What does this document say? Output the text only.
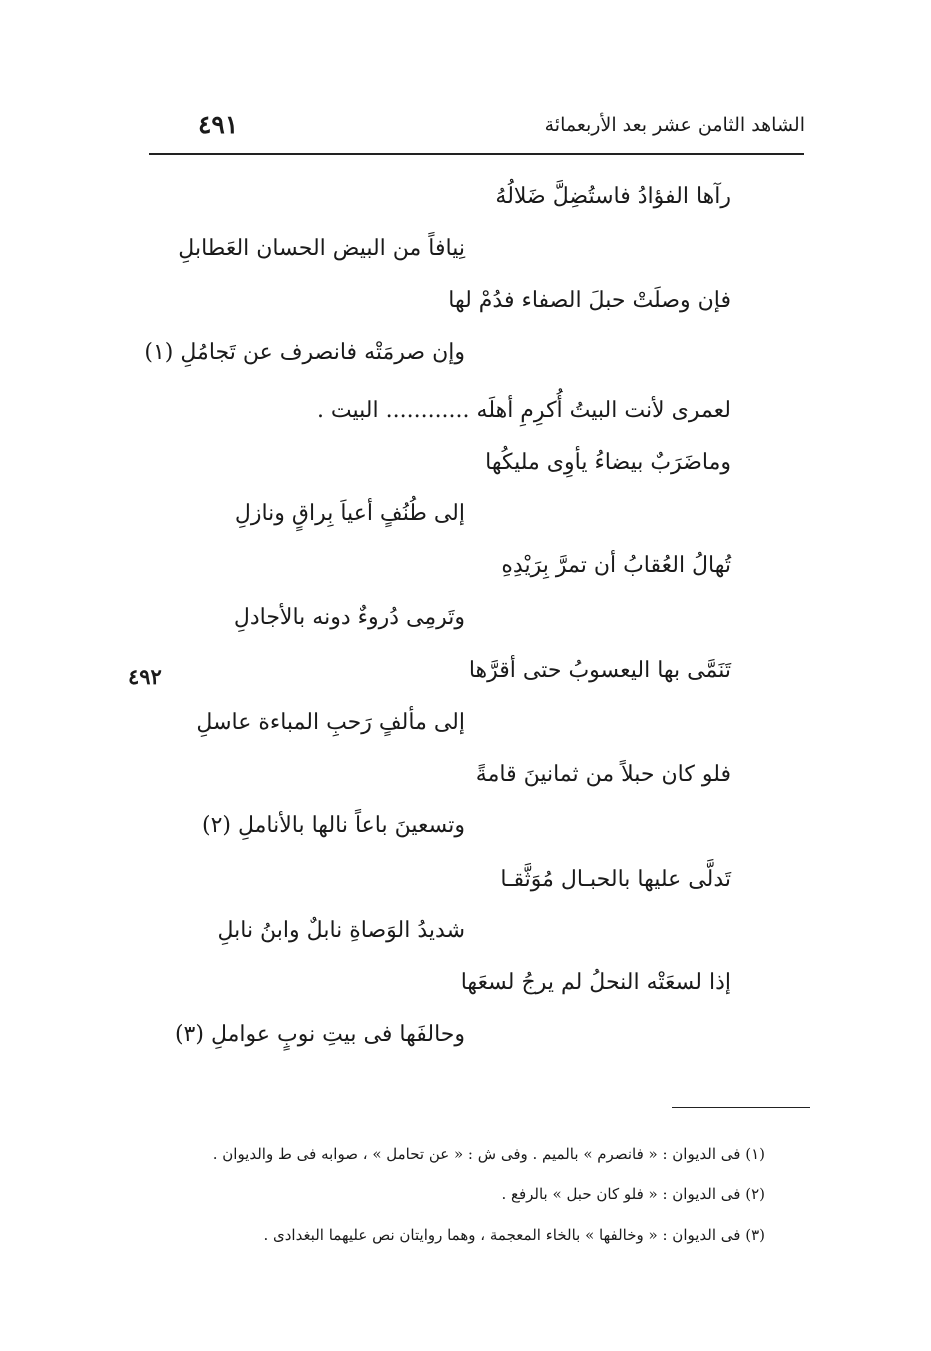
الشاهد الثامن عشر بعد الأربعمائة
٤٩١
رآها الفؤادُ فاستُضِلَّ ضَلالُهُ
نِيافاً من البيض الحسان العَطابلِ
فإن وصلَتْ حبلَ الصفاء فدُمْ لها
وإن صرمَتْه فانصرف عن تَجامُلِ (١)
لعمرى لأنت البيتُ أُكرِمِ أهلَه ............ البيت .
وماضَرَبٌ بيضاءُ يأوِى مليكُها
إلى طُنُفٍ أعياَ بِراقٍ ونازلِ
تُهالُ العُقابُ أن تمرَّ بِرَيْدِهِ
وتَرمِى دُروءٌ دونه بالأجادلِ
تَنَمَّى بها اليعسوبُ حتى أقرَّها
٤٩٢
إلى مألفٍ رَحبِ المباءة عاسلِ
فلو كان حبلاً من ثمانينَ قامةً
وتسعينَ باعاً نالها بالأناملِ (٢)
تَدلَّى عليها بالحبـال مُوَثَّقـا
شديدُ الوَصاةِ نابلٌ وابنُ نابلِ
إذا لسعَتْه النحلُ لم يرجُ لسعَها
وحالفَها فى بيتِ نوبٍ عواملِ (٣)
(١) فى الديوان : « فانصرم » بالميم . وفى ش : « عن تحامل » ، صوابه فى ط والديوان .
(٢) فى الديوان : « فلو كان حبل » بالرفع .
(٣) فى الديوان : « وخالفها » بالخاء المعجمة ، وهما روايتان نص عليهما البغدادى .
